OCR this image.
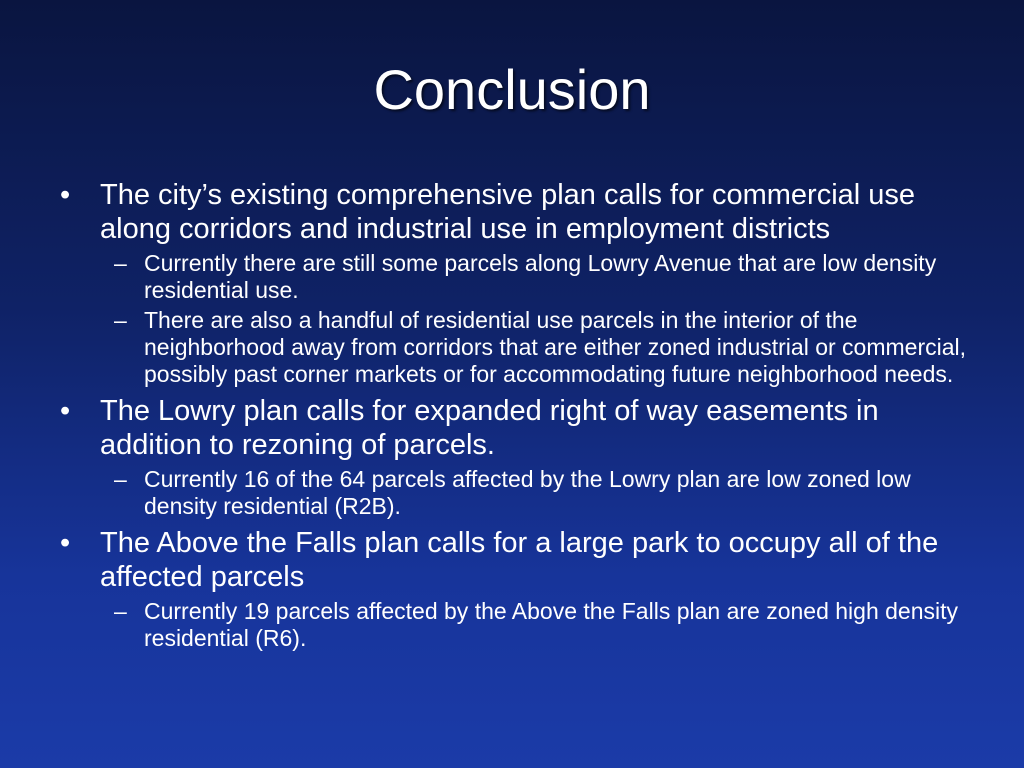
Conclusion
• The city’s existing comprehensive plan calls for commercial use along corridors and industrial use in employment districts
– Currently there are still some parcels along Lowry Avenue that are low density residential use.
– There are also a handful of residential use parcels in the interior of the neighborhood away from corridors that are either zoned industrial or commercial, possibly past corner markets or for accommodating future neighborhood needs.
• The Lowry plan calls for expanded right of way easements in addition to rezoning of parcels.
– Currently 16 of the 64 parcels affected by the Lowry plan are low zoned low density residential (R2B).
• The Above the Falls plan calls for a large park to occupy all of the affected parcels
– Currently 19 parcels affected by the Above the Falls plan are zoned high density residential (R6).
